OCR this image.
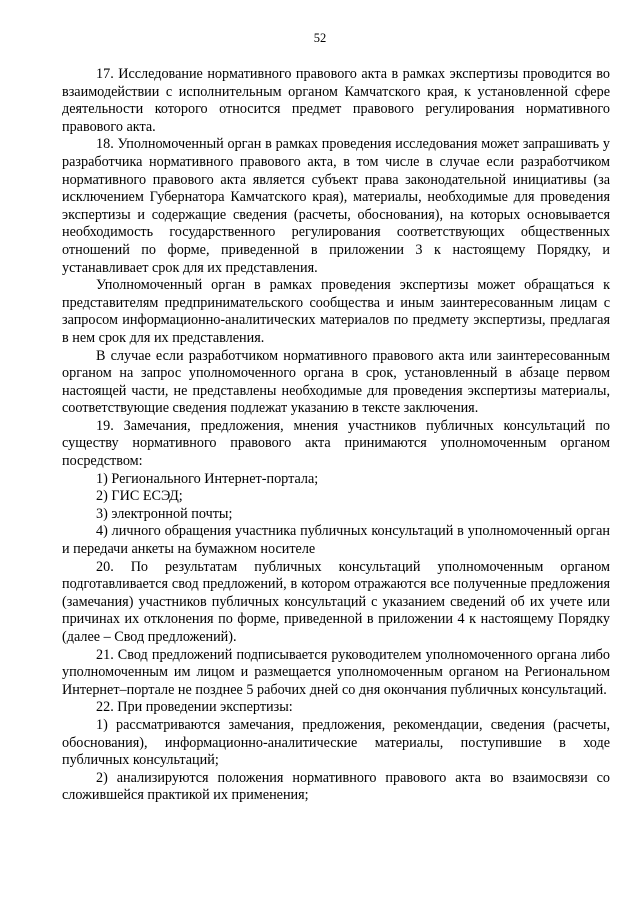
52

17. Исследование нормативного правового акта в рамках экспертизы проводится во взаимодействии с исполнительным органом Камчатского края, к установленной сфере деятельности которого относится предмет правового регулирования нормативного правового акта.

18. Уполномоченный орган в рамках проведения исследования может запрашивать у разработчика нормативного правового акта, в том числе в случае если разработчиком нормативного правового акта является субъект права законодательной инициативы (за исключением Губернатора Камчатского края), материалы, необходимые для проведения экспертизы и содержащие сведения (расчеты, обоснования), на которых основывается необходимость государственного регулирования соответствующих общественных отношений по форме, приведенной в приложении 3 к настоящему Порядку, и устанавливает срок для их представления.

Уполномоченный орган в рамках проведения экспертизы может обращаться к представителям предпринимательского сообщества и иным заинтересованным лицам с запросом информационно-аналитических материалов по предмету экспертизы, предлагая в нем срок для их представления.

В случае если разработчиком нормативного правового акта или заинтересованным органом на запрос уполномоченного органа в срок, установленный в абзаце первом настоящей части, не представлены необходимые для проведения экспертизы материалы, соответствующие сведения подлежат указанию в тексте заключения.

19. Замечания, предложения, мнения участников публичных консультаций по существу нормативного правового акта принимаются уполномоченным органом посредством:

1) Регионального Интернет-портала;

2) ГИС ЕСЭД;

3) электронной почты;

4) личного обращения участника публичных консультаций в уполномоченный орган и передачи анкеты на бумажном носителе

20. По результатам публичных консультаций уполномоченным органом подготавливается свод предложений, в котором отражаются все полученные предложения (замечания) участников публичных консультаций с указанием сведений об их учете или причинах их отклонения по форме, приведенной в приложении 4 к настоящему Порядку (далее – Свод предложений).

21. Свод предложений подписывается руководителем уполномоченного органа либо уполномоченным им лицом и размещается уполномоченным органом на Региональном Интернет–портале не позднее 5 рабочих дней со дня окончания публичных консультаций.

22. При проведении экспертизы:

1) рассматриваются замечания, предложения, рекомендации, сведения (расчеты, обоснования), информационно-аналитические материалы, поступившие в ходе публичных консультаций;

2) анализируются положения нормативного правового акта во взаимосвязи со сложившейся практикой их применения;
